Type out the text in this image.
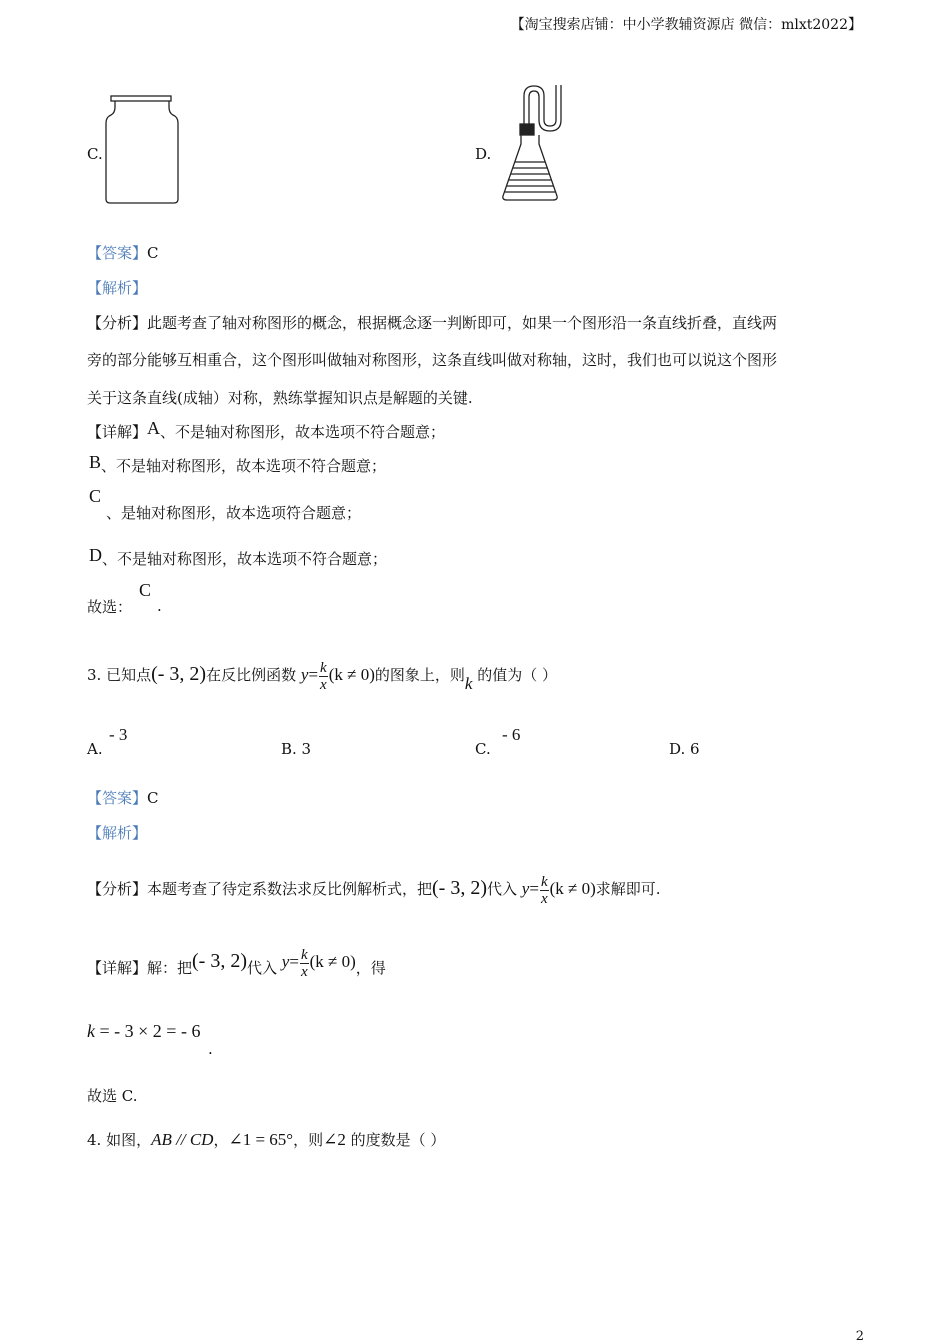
【淘宝搜索店铺：中小学教辅资源店 微信：mlxt2022】
C.	D.
【答案】C
【解析】
【分析】此题考查了轴对称图形的概念，根据概念逐一判断即可，如果一个图形沿一条直线折叠，直线两
旁的部分能够互相重合，这个图形叫做轴对称图形，这条直线叫做对称轴，这时，我们也可以说这个图形
关于这条直线(成轴）对称，熟练掌握知识点是解题的关键.
【详解】A、不是轴对称图形，故本选项不符合题意；
B、不是轴对称图形，故本选项不符合题意；
C
、是轴对称图形，故本选项符合题意；
D、不是轴对称图形，故本选项不符合题意；
故选：
C
.
3. 已知点(- 3, 2)在反比例函数 $y= \frac{k}{x} (k \ne 0)$的图象上，则k 的值为（ ）
A.
- 3
B. 3	C.
- 6
D. 6
【答案】C
【解析】
【分析】本题考查了待定系数法求反比例解析式，把(- 3, 2)代入 $y= \frac{k}{x} (k \ne 0)$求解即可.
【详解】解：把(- 3, 2)代入 $y= \frac{k}{x} (k \ne 0)$，得
k = - 3 × 2 = - 6
.
故选 C.
4. 如图，AB // CD，∠1 = 65°，则∠2 的度数是（ ）
2
